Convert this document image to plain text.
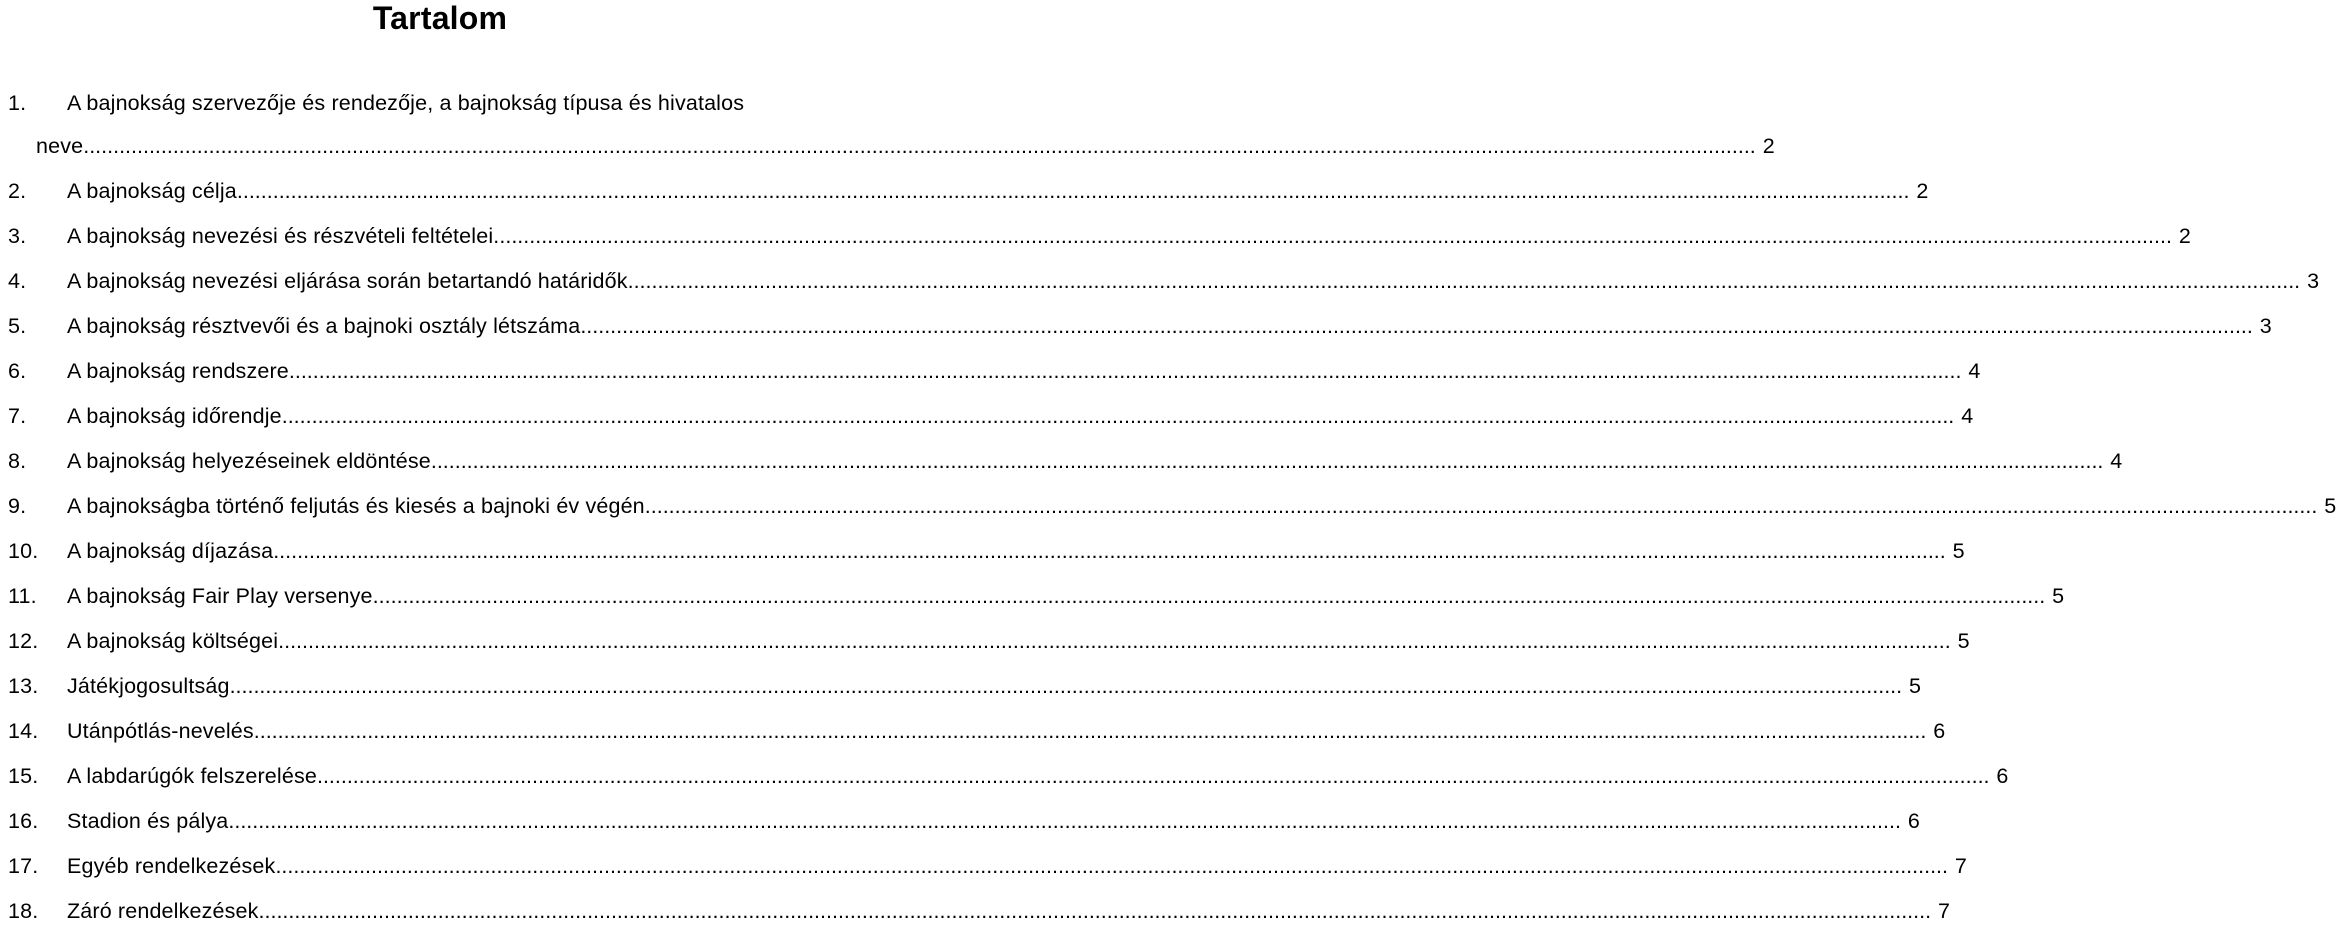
Tartalom
1.	A bajnokság szervezője és rendezője, a bajnokság típusa és hivatalos
neve .....	2
2.	A bajnokság célja .....	2
3.	A bajnokság nevezési és részvételi feltételei. .....	2
4.	A bajnokság nevezési eljárása során betartandó határidők .....	3
5.	A bajnokság résztvevői és a bajnoki osztály létszáma .....	3
6.	A bajnokság rendszere .....	4
7.	A bajnokság időrendje .....	4
8.	A bajnokság helyezéseinek eldöntése .....	4
9.	A bajnokságba történő feljutás és kiesés a bajnoki év végén .....	5
10.	A bajnokság díjazása .....	5
11.	A bajnokság Fair Play versenye .....	5
12.	A bajnokság költségei .....	5
13.	Játékjogosultság .....	5
14.	Utánpótlás-nevelés .....	6
15.	A labdarúgók felszerelése .....	6
16.	Stadion és pálya .....	6
17.	Egyéb rendelkezések .....	7
18.	Záró rendelkezések .....	7
